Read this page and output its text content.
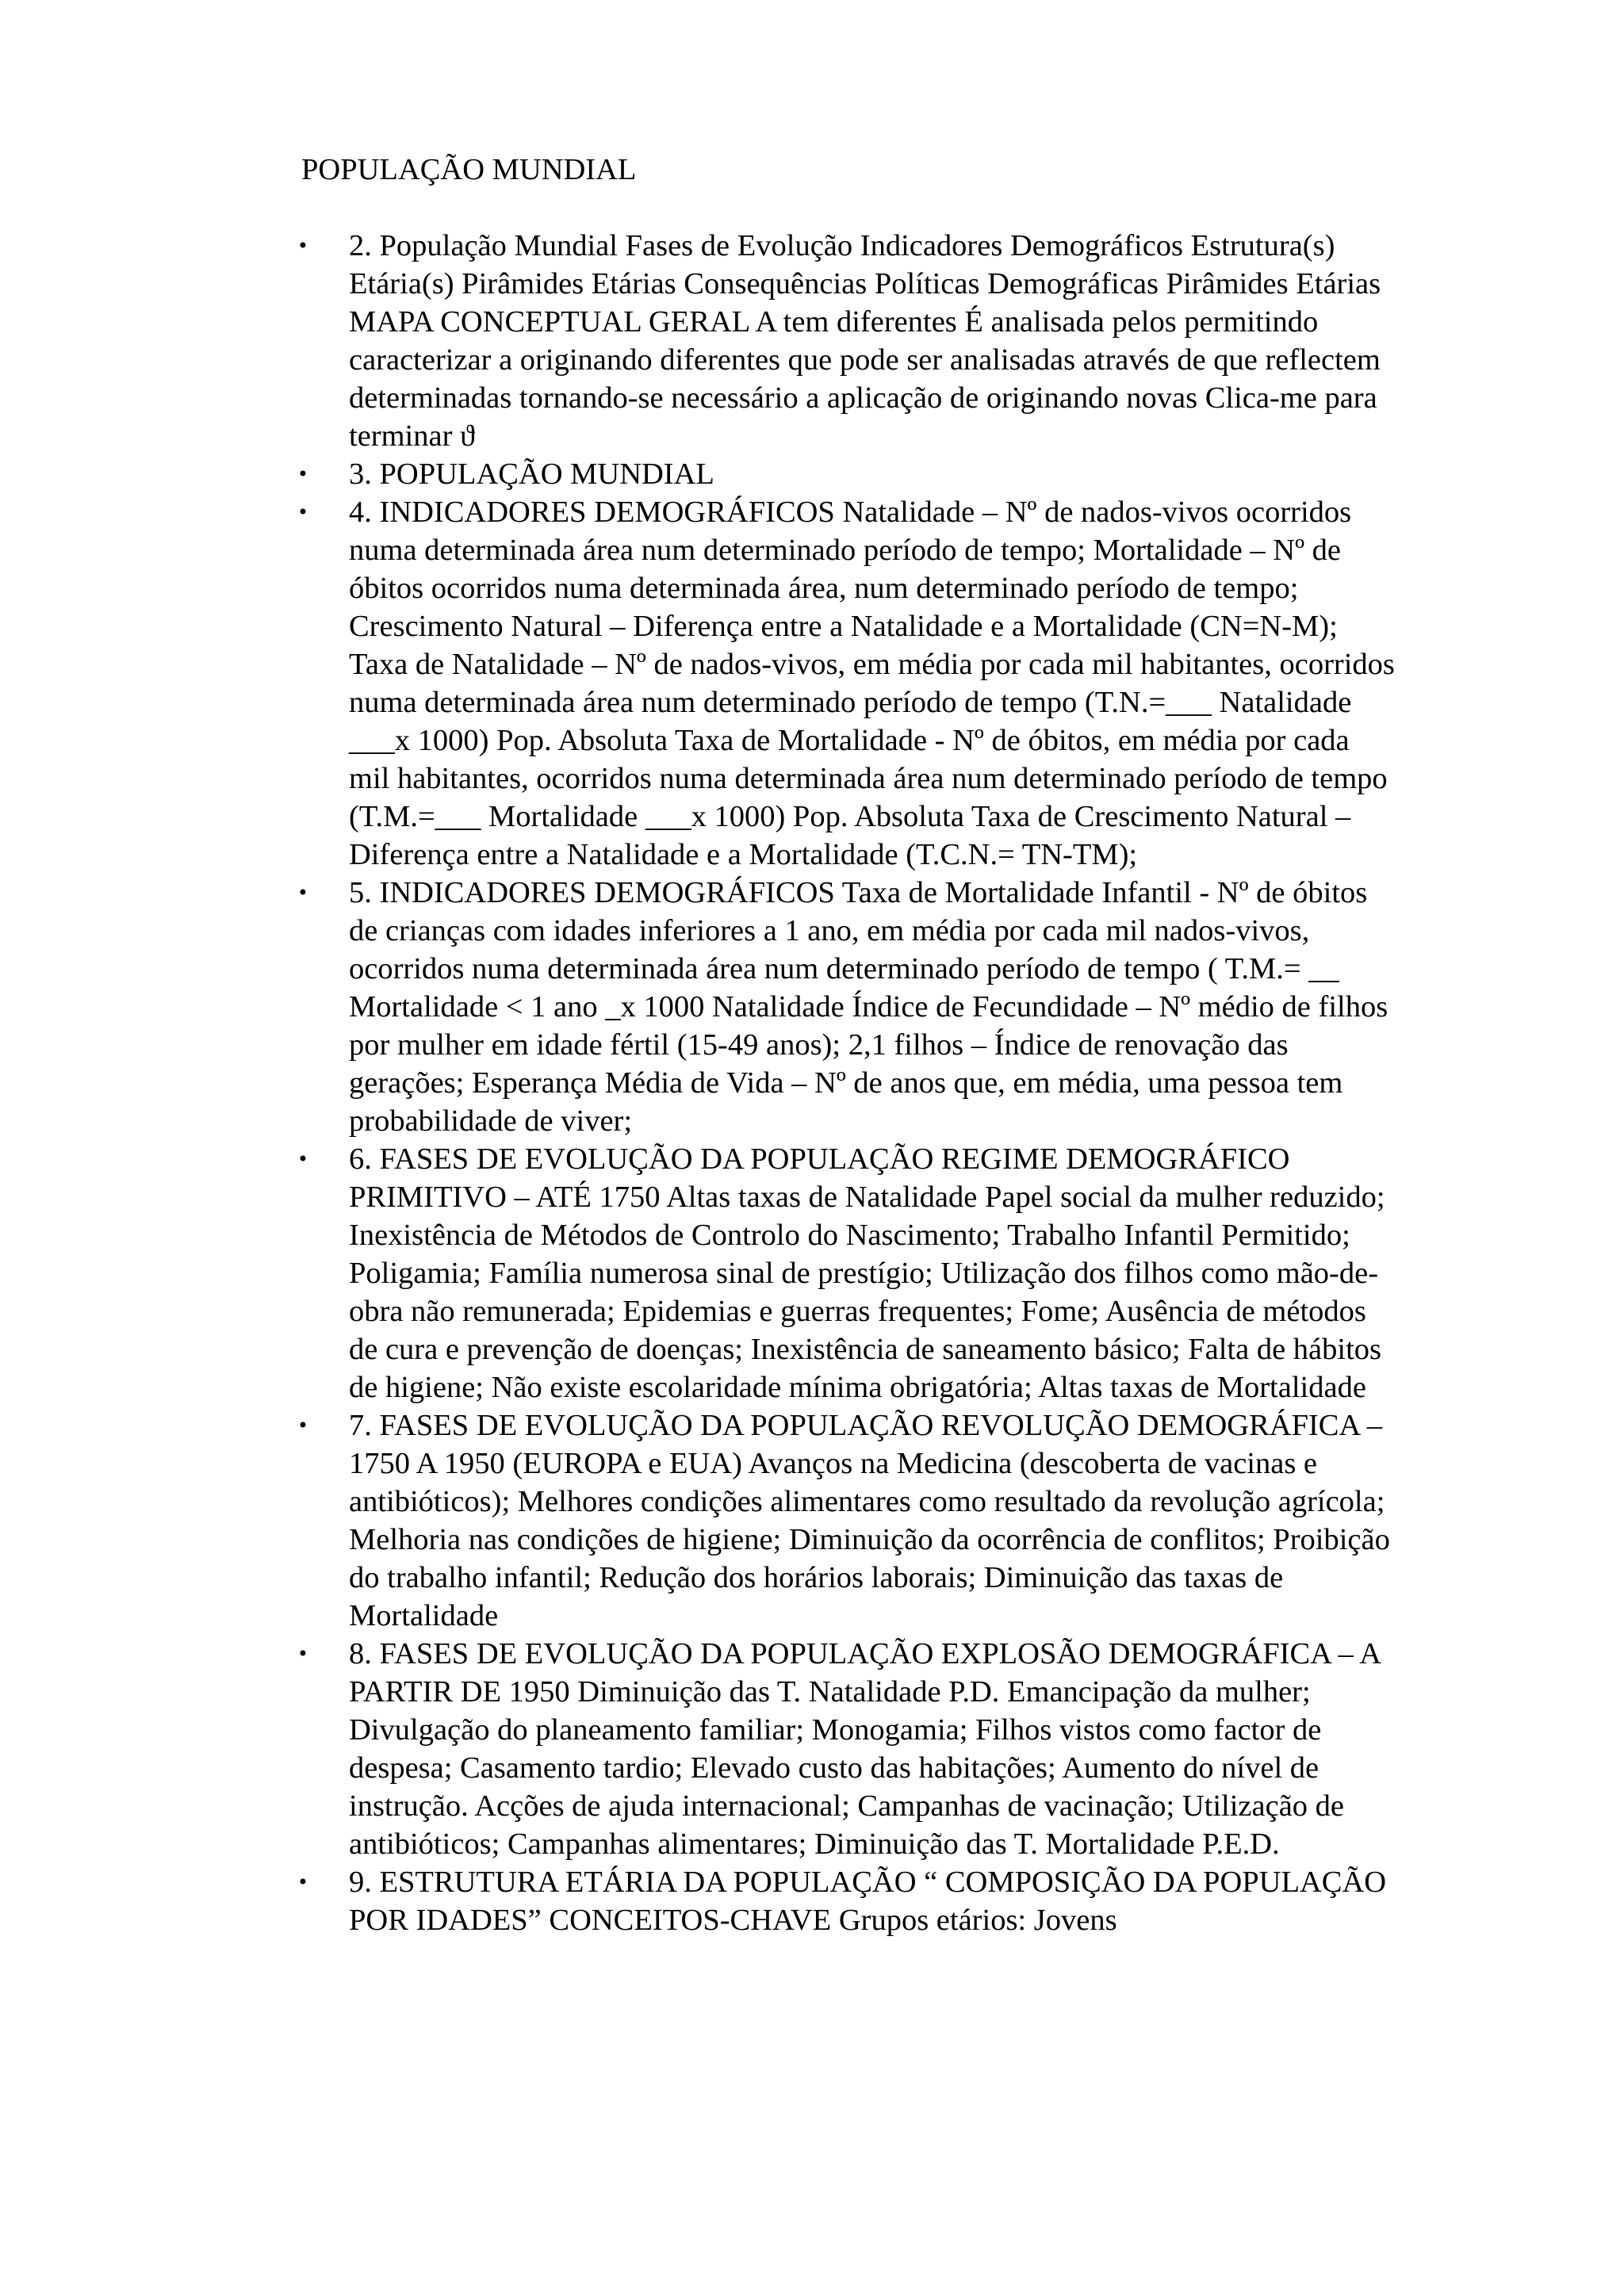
POPULAÇÃO MUNDIAL
• 2. População Mundial Fases de Evolução Indicadores Demográficos Estrutura(s) Etária(s) Pirâmides Etárias Consequências Políticas Demográficas Pirâmides Etárias MAPA CONCEPTUAL GERAL A tem diferentes É analisada pelos permitindo caracterizar a originando diferentes que pode ser analisadas através de que reflectem determinadas tornando-se necessário a aplicação de originando novas Clica-me para terminar ϑ
• 3. POPULAÇÃO MUNDIAL
• 4. INDICADORES DEMOGRÁFICOS Natalidade – Nº de nados-vivos ocorridos numa determinada área num determinado período de tempo; Mortalidade – Nº de óbitos ocorridos numa determinada área, num determinado período de tempo; Crescimento Natural – Diferença entre a Natalidade e a Mortalidade (CN=N-M); Taxa de Natalidade – Nº de nados-vivos, em média por cada mil habitantes, ocorridos numa determinada área num determinado período de tempo (T.N.=___ Natalidade ___x 1000) Pop. Absoluta Taxa de Mortalidade - Nº de óbitos, em média por cada mil habitantes, ocorridos numa determinada área num determinado período de tempo (T.M.=___ Mortalidade ___x 1000) Pop. Absoluta Taxa de Crescimento Natural – Diferença entre a Natalidade e a Mortalidade (T.C.N.= TN-TM);
• 5. INDICADORES DEMOGRÁFICOS Taxa de Mortalidade Infantil - Nº de óbitos de crianças com idades inferiores a 1 ano, em média por cada mil nados-vivos, ocorridos numa determinada área num determinado período de tempo ( T.M.= __ Mortalidade < 1 ano _x 1000 Natalidade Índice de Fecundidade – Nº médio de filhos por mulher em idade fértil (15-49 anos); 2,1 filhos – Índice de renovação das gerações; Esperança Média de Vida – Nº de anos que, em média, uma pessoa tem probabilidade de viver;
• 6. FASES DE EVOLUÇÃO DA POPULAÇÃO REGIME DEMOGRÁFICO PRIMITIVO – ATÉ 1750 Altas taxas de Natalidade Papel social da mulher reduzido; Inexistência de Métodos de Controlo do Nascimento; Trabalho Infantil Permitido; Poligamia; Família numerosa sinal de prestígio; Utilização dos filhos como mão-de-obra não remunerada; Epidemias e guerras frequentes; Fome; Ausência de métodos de cura e prevenção de doenças; Inexistência de saneamento básico; Falta de hábitos de higiene; Não existe escolaridade mínima obrigatória; Altas taxas de Mortalidade
• 7. FASES DE EVOLUÇÃO DA POPULAÇÃO REVOLUÇÃO DEMOGRÁFICA – 1750 A 1950 (EUROPA e EUA) Avanços na Medicina (descoberta de vacinas e antibióticos); Melhores condições alimentares como resultado da revolução agrícola; Melhoria nas condições de higiene; Diminuição da ocorrência de conflitos; Proibição do trabalho infantil; Redução dos horários laborais; Diminuição das taxas de Mortalidade
• 8. FASES DE EVOLUÇÃO DA POPULAÇÃO EXPLOSÃO DEMOGRÁFICA – A PARTIR DE 1950 Diminuição das T. Natalidade P.D. Emancipação da mulher; Divulgação do planeamento familiar; Monogamia; Filhos vistos como factor de despesa; Casamento tardio; Elevado custo das habitações; Aumento do nível de instrução. Acções de ajuda internacional; Campanhas de vacinação; Utilização de antibióticos; Campanhas alimentares; Diminuição das T. Mortalidade P.E.D.
• 9. ESTRUTURA ETÁRIA DA POPULAÇÃO “ COMPOSIÇÃO DA POPULAÇÃO POR IDADES” CONCEITOS-CHAVE Grupos etários: Jovens
